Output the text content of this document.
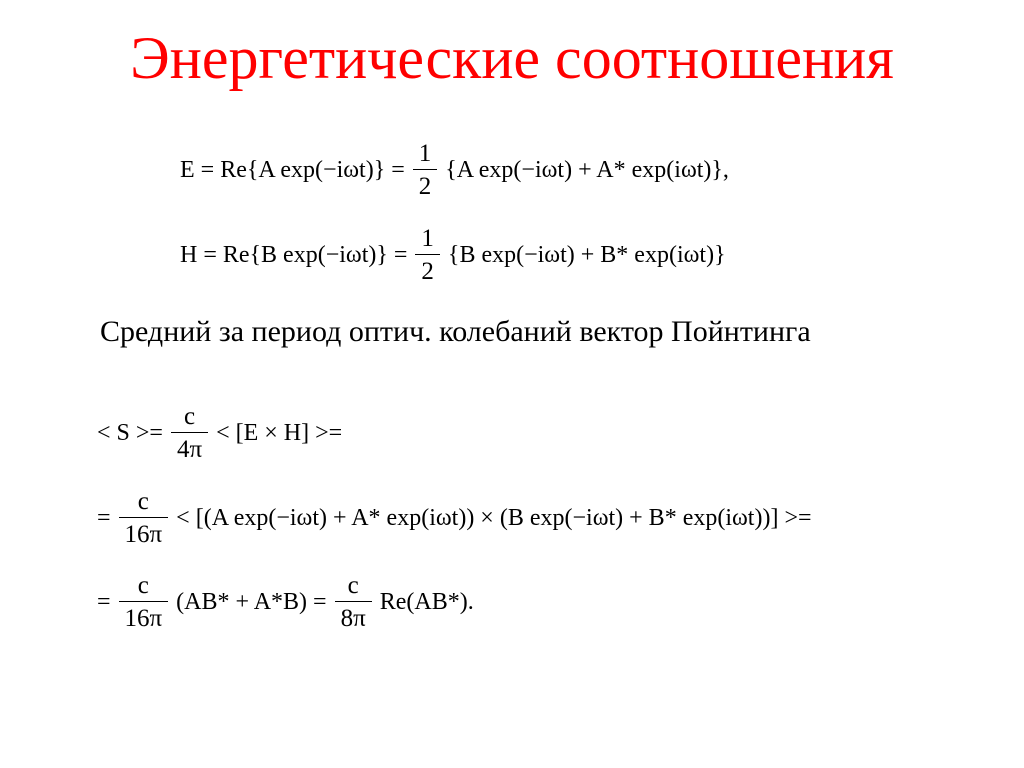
Энергетические соотношения
E = Re{A $\exp(-i\omega t)\} = \frac{1}{2} \{A$ exp(−iωt) + A* exp(iωt)},
H = Re{B $\exp(-i\omega t)\} = \frac{1}{2} \{B$ exp(−iωt) + B* exp(iωt)}
Средний за период оптич. колебаний вектор Пойнтинга
< $S >= \frac{c}{4\pi} < [E \times H]$ >=
= $\frac{c}{16\pi} < [(A$ exp(−iωt) + A* exp(iωt)) × (B exp(−iωt) + B* exp(iωt))] >=
= $\frac{c}{16\pi} (AB* + A*B) = \frac{c}{8\pi} Re(AB*)$.
